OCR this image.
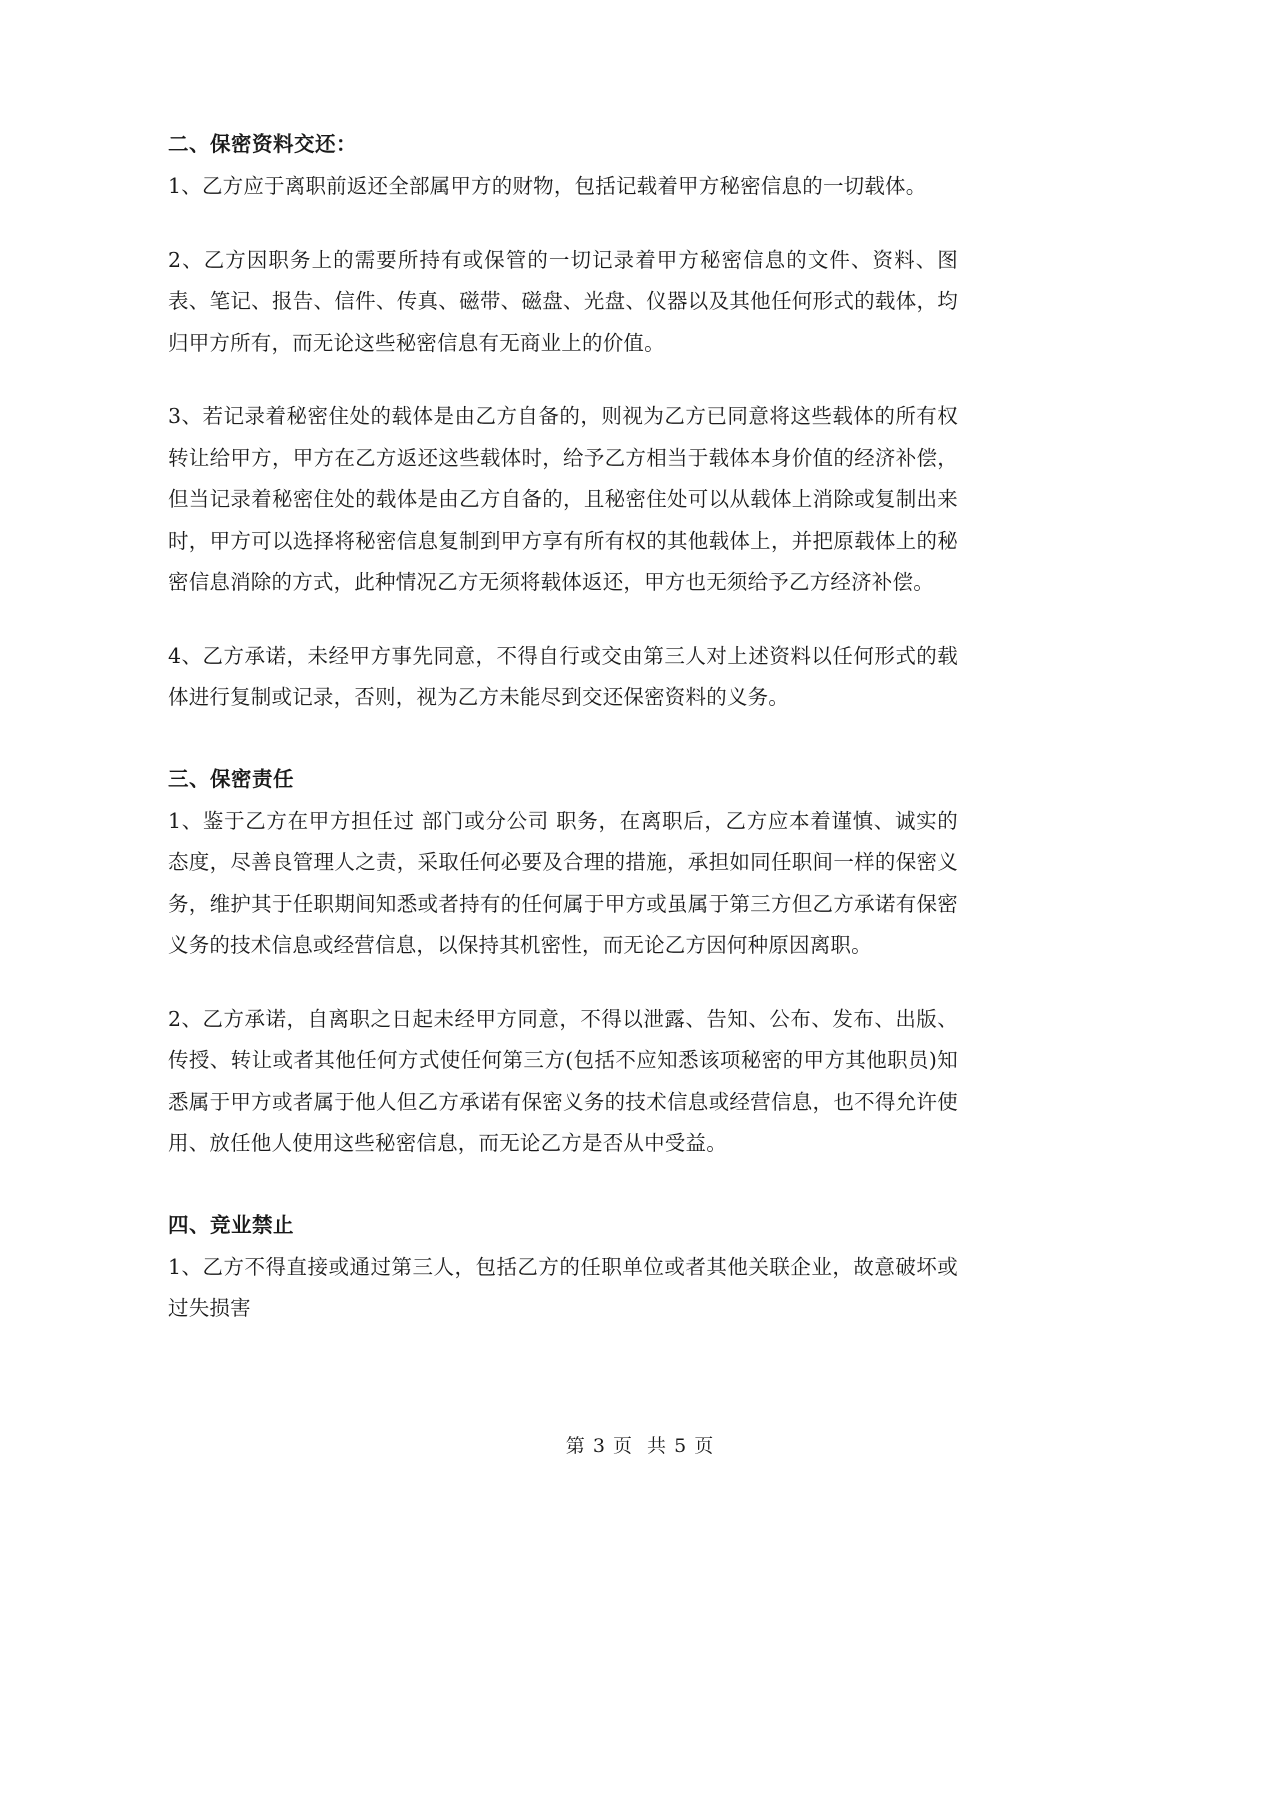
二、保密资料交还：

1、乙方应于离职前返还全部属甲方的财物，包括记载着甲方秘密信息的一切载体。

2、乙方因职务上的需要所持有或保管的一切记录着甲方秘密信息的文件、资料、图表、笔记、报告、信件、传真、磁带、磁盘、光盘、仪器以及其他任何形式的载体，均归甲方所有，而无论这些秘密信息有无商业上的价值。

3、若记录着秘密住处的载体是由乙方自备的，则视为乙方已同意将这些载体的所有权转让给甲方，甲方在乙方返还这些载体时，给予乙方相当于载体本身价值的经济补偿，但当记录着秘密住处的载体是由乙方自备的，且秘密住处可以从载体上消除或复制出来时，甲方可以选择将秘密信息复制到甲方享有所有权的其他载体上，并把原载体上的秘密信息消除的方式，此种情况乙方无须将载体返还，甲方也无须给予乙方经济补偿。

4、乙方承诺，未经甲方事先同意，不得自行或交由第三人对上述资料以任何形式的载体进行复制或记录，否则，视为乙方未能尽到交还保密资料的义务。

三、保密责任

1、鉴于乙方在甲方担任过 部门或分公司 职务，在离职后，乙方应本着谨慎、诚实的态度，尽善良管理人之责，采取任何必要及合理的措施，承担如同任职间一样的保密义务，维护其于任职期间知悉或者持有的任何属于甲方或虽属于第三方但乙方承诺有保密义务的技术信息或经营信息，以保持其机密性，而无论乙方因何种原因离职。

2、乙方承诺，自离职之日起未经甲方同意，不得以泄露、告知、公布、发布、出版、传授、转让或者其他任何方式使任何第三方(包括不应知悉该项秘密的甲方其他职员)知悉属于甲方或者属于他人但乙方承诺有保密义务的技术信息或经营信息，也不得允许使用、放任他人使用这些秘密信息，而无论乙方是否从中受益。

四、竞业禁止

1、乙方不得直接或通过第三人，包括乙方的任职单位或者其他关联企业，故意破坏或过失损害

第 3 页  共 5 页
